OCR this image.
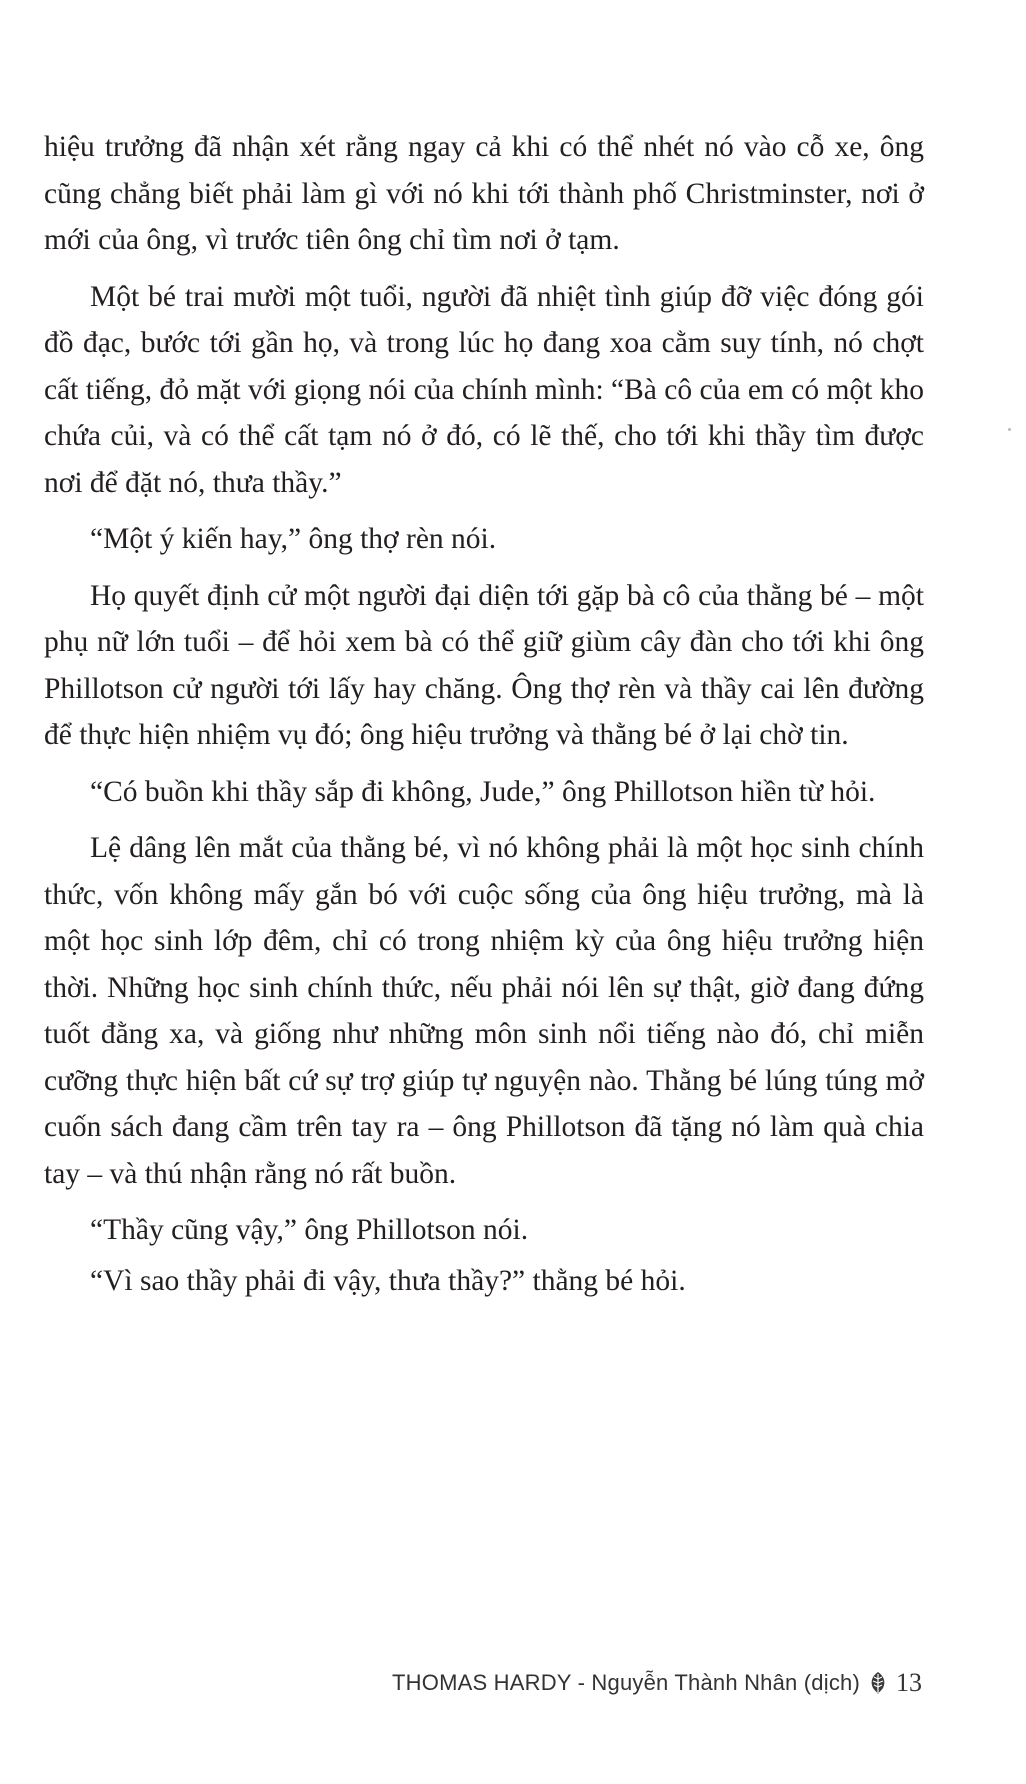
hiệu trưởng đã nhận xét rằng ngay cả khi có thể nhét nó vào cỗ xe, ông cũng chẳng biết phải làm gì với nó khi tới thành phố Christminster, nơi ở mới của ông, vì trước tiên ông chỉ tìm nơi ở tạm.

Một bé trai mười một tuổi, người đã nhiệt tình giúp đỡ việc đóng gói đồ đạc, bước tới gần họ, và trong lúc họ đang xoa cằm suy tính, nó chợt cất tiếng, đỏ mặt với giọng nói của chính mình: “Bà cô của em có một kho chứa củi, và có thể cất tạm nó ở đó, có lẽ thế, cho tới khi thầy tìm được nơi để đặt nó, thưa thầy.”

“Một ý kiến hay,” ông thợ rèn nói.

Họ quyết định cử một người đại diện tới gặp bà cô của thằng bé – một phụ nữ lớn tuổi – để hỏi xem bà có thể giữ giùm cây đàn cho tới khi ông Phillotson cử người tới lấy hay chăng. Ông thợ rèn và thầy cai lên đường để thực hiện nhiệm vụ đó; ông hiệu trưởng và thằng bé ở lại chờ tin.

“Có buồn khi thầy sắp đi không, Jude,” ông Phillotson hiền từ hỏi.

Lệ dâng lên mắt của thằng bé, vì nó không phải là một học sinh chính thức, vốn không mấy gắn bó với cuộc sống của ông hiệu trưởng, mà là một học sinh lớp đêm, chỉ có trong nhiệm kỳ của ông hiệu trưởng hiện thời. Những học sinh chính thức, nếu phải nói lên sự thật, giờ đang đứng tuốt đằng xa, và giống như những môn sinh nổi tiếng nào đó, chỉ miễn cưỡng thực hiện bất cứ sự trợ giúp tự nguyện nào. Thằng bé lúng túng mở cuốn sách đang cầm trên tay ra – ông Phillotson đã tặng nó làm quà chia tay – và thú nhận rằng nó rất buồn.

“Thầy cũng vậy,” ông Phillotson nói.

“Vì sao thầy phải đi vậy, thưa thầy?” thằng bé hỏi.

THOMAS HARDY - Nguyễn Thành Nhân (dịch) 13
